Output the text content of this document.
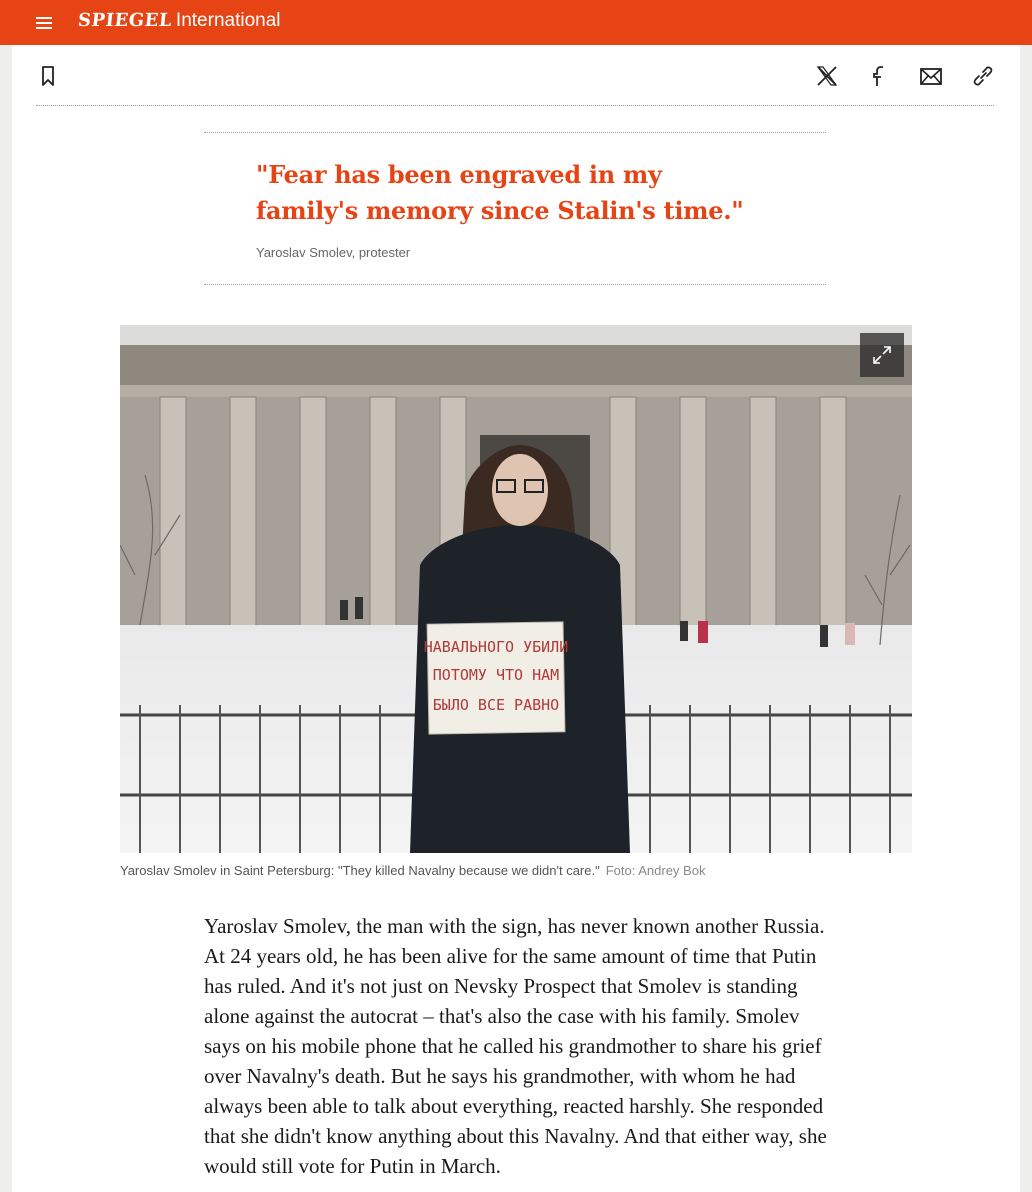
SPIEGEL International

"Fear has been engraved in my family's memory since Stalin's time."

Yaroslav Smolev, protester
НАВАЛЬНОГО УБИЛИ
ПОТОМУ ЧТО НАМ
БЫЛО ВСЕ РАВНО
Yaroslav Smolev in Saint Petersburg: "They killed Navalny because we didn't care." Foto: Andrey Bok

Yaroslav Smolev, the man with the sign, has never known another Russia. At 24 years old, he has been alive for the same amount of time that Putin has ruled. And it's not just on Nevsky Prospect that Smolev is standing alone against the autocrat – that's also the case with his family. Smolev says on his mobile phone that he called his grandmother to share his grief over Navalny's death. But he says his grandmother, with whom he had always been able to talk about everything, reacted harshly. She responded that she didn't know anything about this Navalny. And that either way, she would still vote for Putin in March.
